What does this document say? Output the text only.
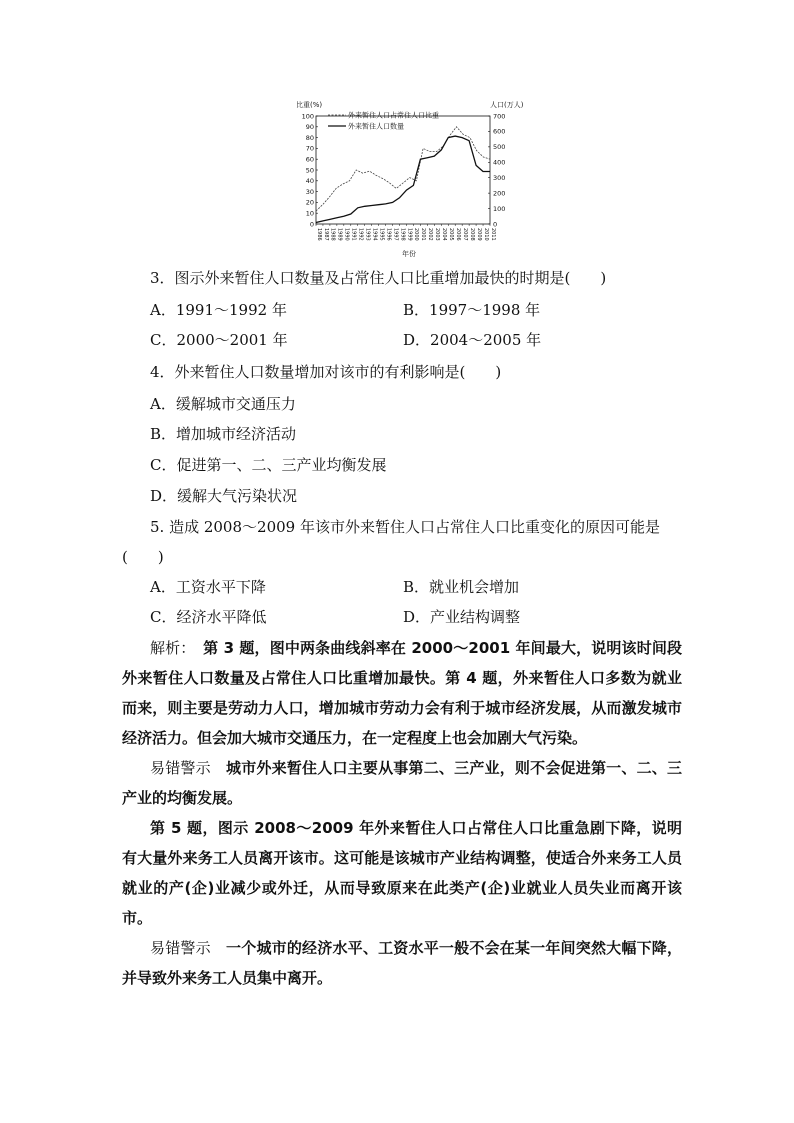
比重(%)	人口(万人)
外来暂住人口占常住人口比重
外来暂住人口数量
0
10
20
30
40
50
60
70
80
90
100
0
100
200
300
400
500
600
700
1986 1987 1988 1989 1990 1991 1992 1993 1994 1995 1996 1997 1998 1999 2000 2001 2002 2003 2004 2005 2006 2007 2008 2009 2010 2011
年份
3．图示外来暂住人口数量及占常住人口比重增加最快的时期是(　　)
A．1991～1992 年	B．1997～1998 年
C．2000～2001 年	D．2004～2005 年
4．外来暂住人口数量增加对该市的有利影响是(　　)
A．缓解城市交通压力
B．增加城市经济活动
C．促进第一、二、三产业均衡发展
D．缓解大气污染状况
5. 造成 2008～2009 年该市外来暂住人口占常住人口比重变化的原因可能是
(　　)
A．工资水平下降	B．就业机会增加
C．经济水平降低	D．产业结构调整

解析：　第 3 题，图中两条曲线斜率在 2000～2001 年间最大，说明该时间段外来暂住人口数量及占常住人口比重增加最快。第 4 题，外来暂住人口多数为就业而来，则主要是劳动力人口，增加城市劳动力会有利于城市经济发展，从而激发城市经济活力。但会加大城市交通压力，在一定程度上也会加剧大气污染。

易错警示　城市外来暂住人口主要从事第二、三产业，则不会促进第一、二、三产业的均衡发展。

第 5 题，图示 2008～2009 年外来暂住人口占常住人口比重急剧下降，说明有大量外来务工人员离开该市。这可能是该城市产业结构调整，使适合外来务工人员就业的产(企)业减少或外迁，从而导致原来在此类产(企)业就业人员失业而离开该市。

易错警示　一个城市的经济水平、工资水平一般不会在某一年间突然大幅下降，并导致外来务工人员集中离开。
